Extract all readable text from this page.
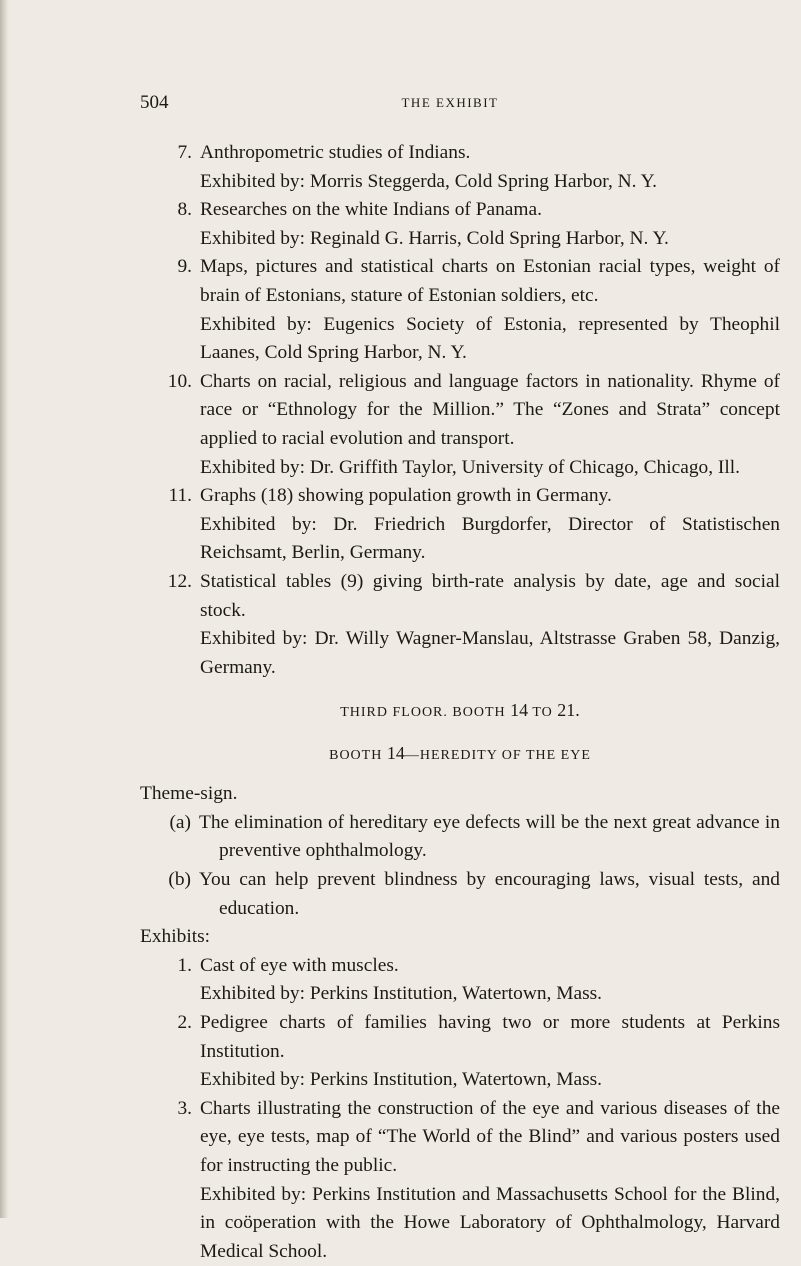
504	THE EXHIBIT
7. Anthropometric studies of Indians.
Exhibited by: Morris Steggerda, Cold Spring Harbor, N. Y.
8. Researches on the white Indians of Panama.
Exhibited by: Reginald G. Harris, Cold Spring Harbor, N. Y.
9. Maps, pictures and statistical charts on Estonian racial types, weight of brain of Estonians, stature of Estonian soldiers, etc.
Exhibited by: Eugenics Society of Estonia, represented by Theophil Laanes, Cold Spring Harbor, N. Y.
10. Charts on racial, religious and language factors in nationality. Rhyme of race or “Ethnology for the Million.” The “Zones and Strata” concept applied to racial evolution and transport.
Exhibited by: Dr. Griffith Taylor, University of Chicago, Chicago, Ill.
11. Graphs (18) showing population growth in Germany.
Exhibited by: Dr. Friedrich Burgdorfer, Director of Statistischen Reichsamt, Berlin, Germany.
12. Statistical tables (9) giving birth-rate analysis by date, age and social stock.
Exhibited by: Dr. Willy Wagner-Manslau, Altstrasse Graben 58, Danzig, Germany.
THIRD FLOOR. BOOTH 14 TO 21.
BOOTH 14—HEREDITY OF THE EYE
Theme-sign.
(a) The elimination of hereditary eye defects will be the next great advance in preventive ophthalmology.
(b) You can help prevent blindness by encouraging laws, visual tests, and education.
Exhibits:
1. Cast of eye with muscles.
Exhibited by: Perkins Institution, Watertown, Mass.
2. Pedigree charts of families having two or more students at Perkins Institution.
Exhibited by: Perkins Institution, Watertown, Mass.
3. Charts illustrating the construction of the eye and various diseases of the eye, eye tests, map of “The World of the Blind” and various posters used for instructing the public.
Exhibited by: Perkins Institution and Massachusetts School for the Blind, in coöperation with the Howe Laboratory of Ophthalmology, Harvard Medical School.
